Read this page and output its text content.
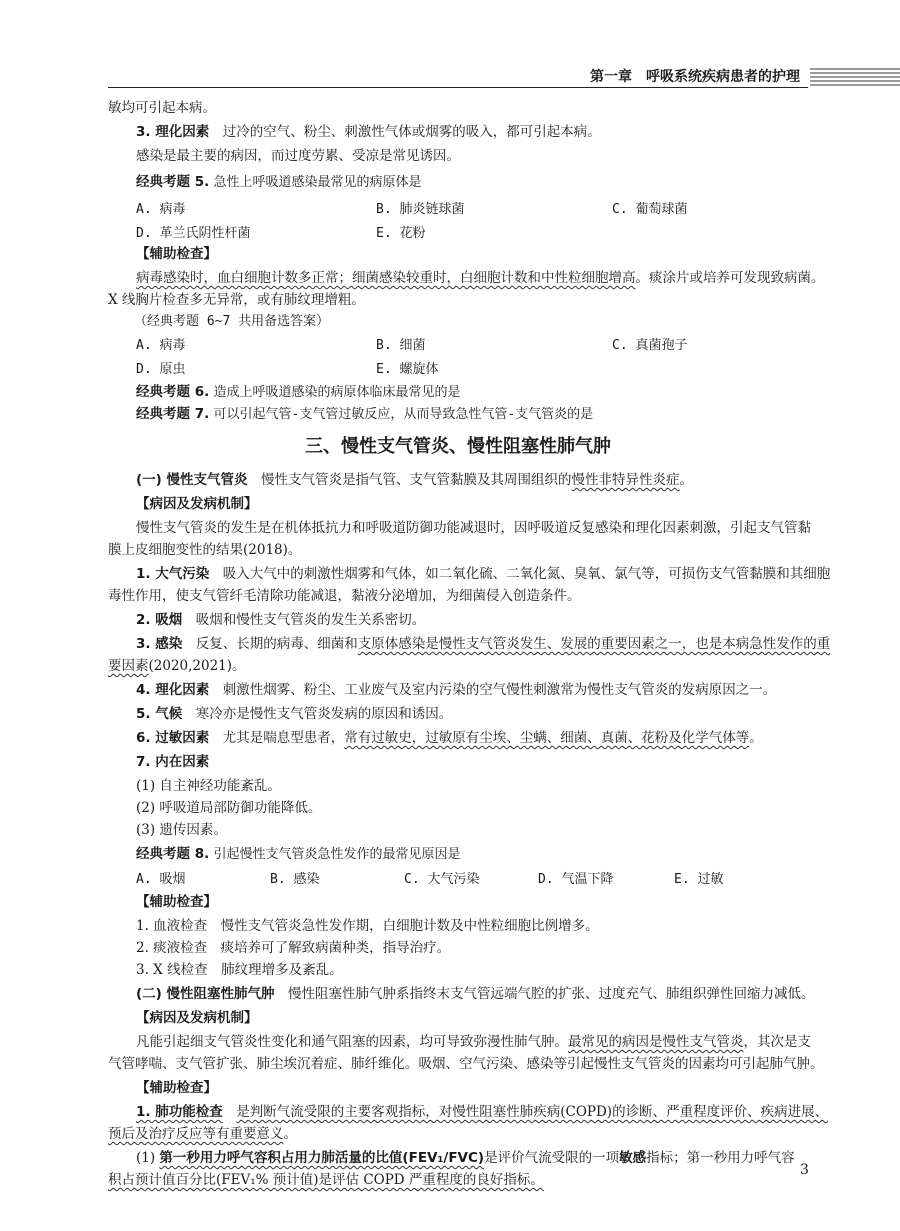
第一章　呼吸系统疾病患者的护理
敏均可引起本病。
3. 理化因素　 过冷的空气、粉尘、刺激性气体或烟雾的吸入，都可引起本病。
感染是最主要的病因，而过度劳累、受凉是常见诱因。
经典考题 5. 急性上呼吸道感染最常见的病原体是
A. 病毒	B. 肺炎链球菌	C. 葡萄球菌
D. 革兰氏阴性杆菌	E. 花粉
【辅助检查】
病毒感染时，血白细胞计数多正常；细菌感染较重时，白细胞计数和中性粒细胞增高。痰涂片或培养可发现致病菌。
X 线胸片检查多无异常，或有肺纹理增粗。
（经典考题 6~7 共用备选答案）
A. 病毒	B. 细菌	C. 真菌孢子
D. 原虫	E. 螺旋体
经典考题 6. 造成上呼吸道感染的病原体临床最常见的是
经典考题 7. 可以引起气管-支气管过敏反应，从而导致急性气管-支气管炎的是
三、慢性支气管炎、慢性阻塞性肺气肿
(一) 慢性支气管炎　 慢性支气管炎是指气管、支气管黏膜及其周围组织的慢性非特异性炎症。
【病因及发病机制】
慢性支气管炎的发生是在机体抵抗力和呼吸道防御功能减退时，因呼吸道反复感染和理化因素刺激，引起支气管黏
膜上皮细胞变性的结果(2018)。
1. 大气污染　 吸入大气中的刺激性烟雾和气体，如二氧化硫、二氧化氮、臭氧、氯气等，可损伤支气管黏膜和其细胞
毒性作用，使支气管纤毛清除功能减退，黏液分泌增加，为细菌侵入创造条件。
2. 吸烟　 吸烟和慢性支气管炎的发生关系密切。
3. 感染　 反复、长期的病毒、细菌和支原体感染是慢性支气管炎发生、发展的重要因素之一，也是本病急性发作的重
要因素(2020,2021)。
4. 理化因素　 刺激性烟雾、粉尘、工业废气及室内污染的空气慢性刺激常为慢性支气管炎的发病原因之一。
5. 气候　 寒冷亦是慢性支气管炎发病的原因和诱因。
6. 过敏因素　 尤其是喘息型患者，常有过敏史，过敏原有尘埃、尘螨、细菌、真菌、花粉及化学气体等。
7. 内在因素
(1) 自主神经功能紊乱。
(2) 呼吸道局部防御功能降低。
(3) 遗传因素。
经典考题 8. 引起慢性支气管炎急性发作的最常见原因是
A. 吸烟	B. 感染	C. 大气污染	D. 气温下降	E. 过敏
【辅助检查】
1. 血液检查　慢性支气管炎急性发作期，白细胞计数及中性粒细胞比例增多。
2. 痰液检查　痰培养可了解致病菌种类，指导治疗。
3. X 线检查　肺纹理增多及紊乱。
(二) 慢性阻塞性肺气肿　 慢性阻塞性肺气肿系指终末支气管远端气腔的扩张、过度充气、肺组织弹性回缩力减低。
【病因及发病机制】
凡能引起细支气管炎性变化和通气阻塞的因素，均可导致弥漫性肺气肿。最常见的病因是慢性支气管炎，其次是支
气管哮喘、支气管扩张、肺尘埃沉着症、肺纤维化。吸烟、空气污染、感染等引起慢性支气管炎的因素均可引起肺气肿。
【辅助检查】
1. 肺功能检查　 是判断气流受限的主要客观指标，对慢性阻塞性肺疾病(COPD)的诊断、严重程度评价、疾病进展、
预后及治疗反应等有重要意义。
(1) 第一秒用力呼气容积占用力肺活量的比值(FEV₁/FVC)是评价气流受限的一项敏感指标；第一秒用力呼气容
积占预计值百分比(FEV₁% 预计值)是评估 COPD 严重程度的良好指标。
3
